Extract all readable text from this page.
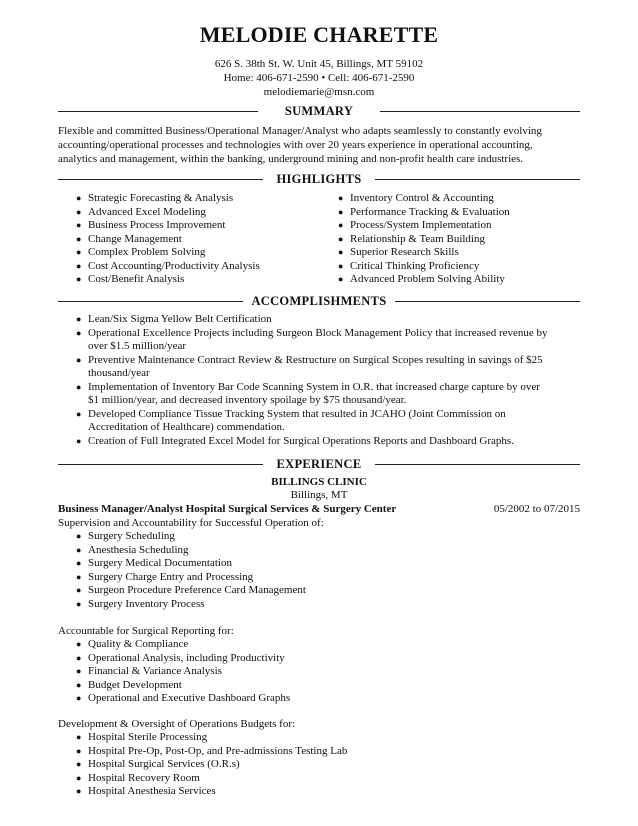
MELODIE CHARETTE
626 S. 38th St. W. Unit 45, Billings, MT 59102
Home: 406-671-2590 • Cell: 406-671-2590
melodiemarie@msn.com
SUMMARY
Flexible and committed Business/Operational Manager/Analyst who adapts seamlessly to constantly evolving
accounting/operational processes and technologies with over 20 years experience in operational accounting,
analytics and management, within the banking, underground mining and non-profit health care industries.
HIGHLIGHTS
● Strategic Forecasting & Analysis
● Advanced Excel Modeling
● Business Process Improvement
● Change Management
● Complex Problem Solving
● Cost Accounting/Productivity Analysis
● Cost/Benefit Analysis
● Inventory Control & Accounting
● Performance Tracking & Evaluation
● Process/System Implementation
● Relationship & Team Building
● Superior Research Skills
● Critical Thinking Proficiency
● Advanced Problem Solving Ability
ACCOMPLISHMENTS
● Lean/Six Sigma Yellow Belt Certification
● Operational Excellence Projects including Surgeon Block Management Policy that increased revenue by
over $1.5 million/year
● Preventive Maintenance Contract Review & Restructure on Surgical Scopes resulting in savings of $25
thousand/year
● Implementation of Inventory Bar Code Scanning System in O.R. that increased charge capture by over
$1 million/year, and decreased inventory spoilage by $75 thousand/year.
● Developed Compliance Tissue Tracking System that resulted in JCAHO (Joint Commission on
Accreditation of Healthcare) commendation.
● Creation of Full Integrated Excel Model for Surgical Operations Reports and Dashboard Graphs.
EXPERIENCE
BILLINGS CLINIC
Billings, MT
Business Manager/Analyst Hospital Surgical Services & Surgery Center	05/2002 to 07/2015
Supervision and Accountability for Successful Operation of:
● Surgery Scheduling
● Anesthesia Scheduling
● Surgery Medical Documentation
● Surgery Charge Entry and Processing
● Surgeon Procedure Preference Card Management
● Surgery Inventory Process
Accountable for Surgical Reporting for:
● Quality & Compliance
● Operational Analysis, including Productivity
● Financial & Variance Analysis
● Budget Development
● Operational and Executive Dashboard Graphs
Development & Oversight of Operations Budgets for:
● Hospital Sterile Processing
● Hospital Pre-Op, Post-Op, and Pre-admissions Testing Lab
● Hospital Surgical Services (O.R.s)
● Hospital Recovery Room
● Hospital Anesthesia Services
